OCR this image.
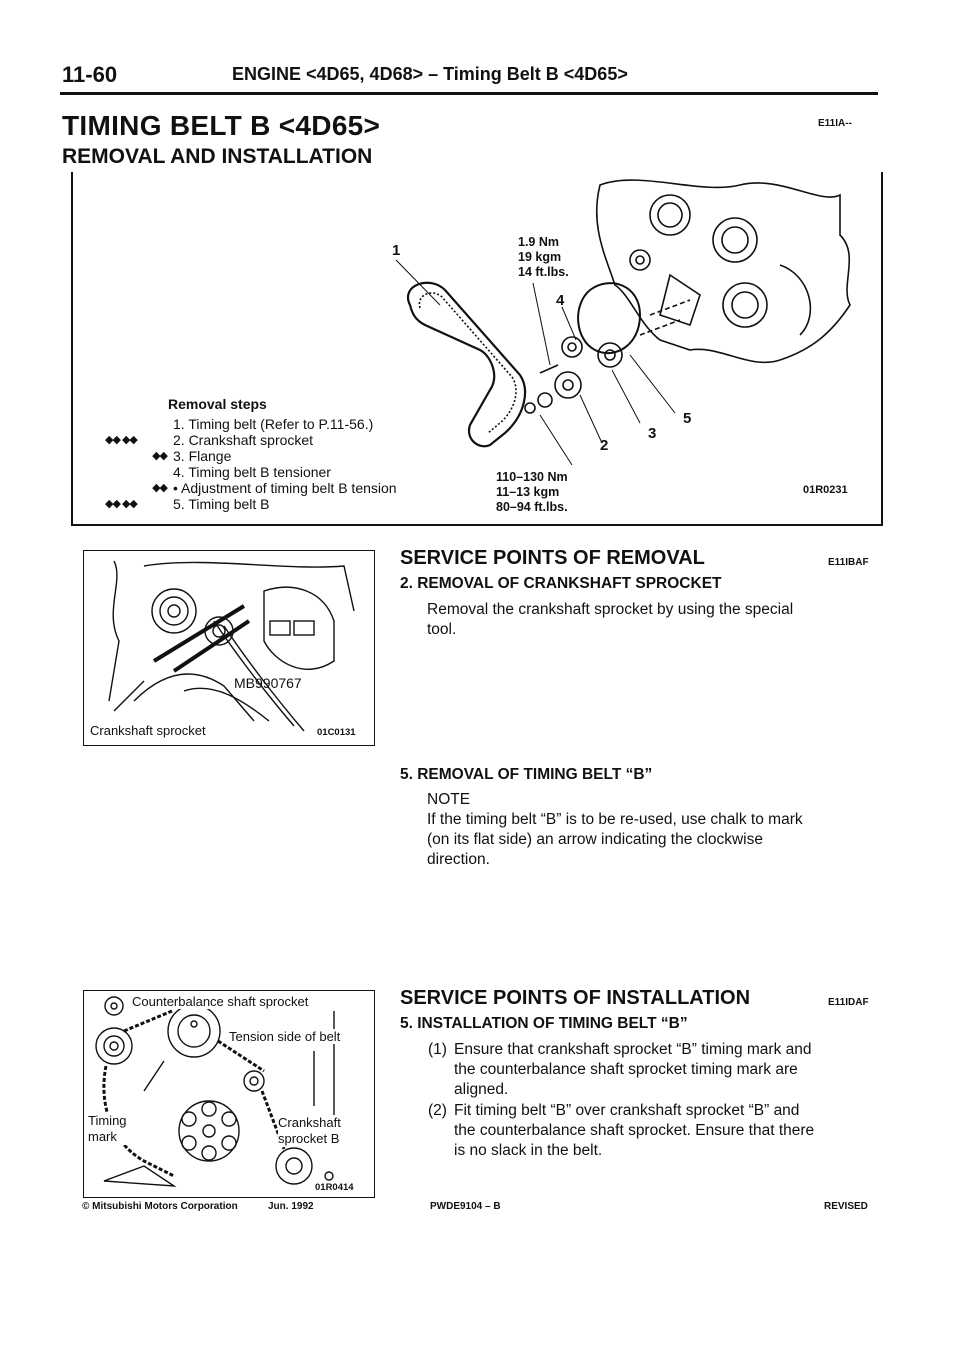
11-60	ENGINE <4D65, 4D68> – Timing Belt B <4D65>
TIMING BELT B <4D65>	E11IA--
REMOVAL AND INSTALLATION
1
2
3
4
5
1.9 Nm
19 kgm
14 ft.lbs.
110–130 Nm
11–13 kgm
80–94 ft.lbs.
01R0231
Removal steps
1. Timing belt (Refer to P.11-56.)
◆◆ ◆◆	2. Crankshaft sprocket
◆◆ 3. Flange
4. Timing belt B tensioner
◆◆ • Adjustment of timing belt B tension
◆◆ ◆◆	5. Timing belt B
MB990767
Crankshaft sprocket	01C0131
SERVICE POINTS OF REMOVAL	E11IBAF
2. REMOVAL OF CRANKSHAFT SPROCKET
Removal the crankshaft sprocket by using the special
tool.
5. REMOVAL OF TIMING BELT “B”
NOTE
If the timing belt “B” is to be re-used, use chalk to mark
(on its flat side) an arrow indicating the clockwise
direction.
Counterbalance shaft sprocket
Tension side of belt
Timing
mark
Crankshaft
sprocket B
01R0414
SERVICE POINTS OF INSTALLATION	E11IDAF
5. INSTALLATION OF TIMING BELT “B”
(1) Ensure that crankshaft sprocket “B” timing mark and
the counterbalance shaft sprocket timing mark are
aligned.
(2) Fit timing belt “B” over crankshaft sprocket “B” and
the counterbalance shaft sprocket. Ensure that there
is no slack in the belt.
© Mitsubishi Motors Corporation	Jun. 1992	PWDE9104 – B	REVISED
